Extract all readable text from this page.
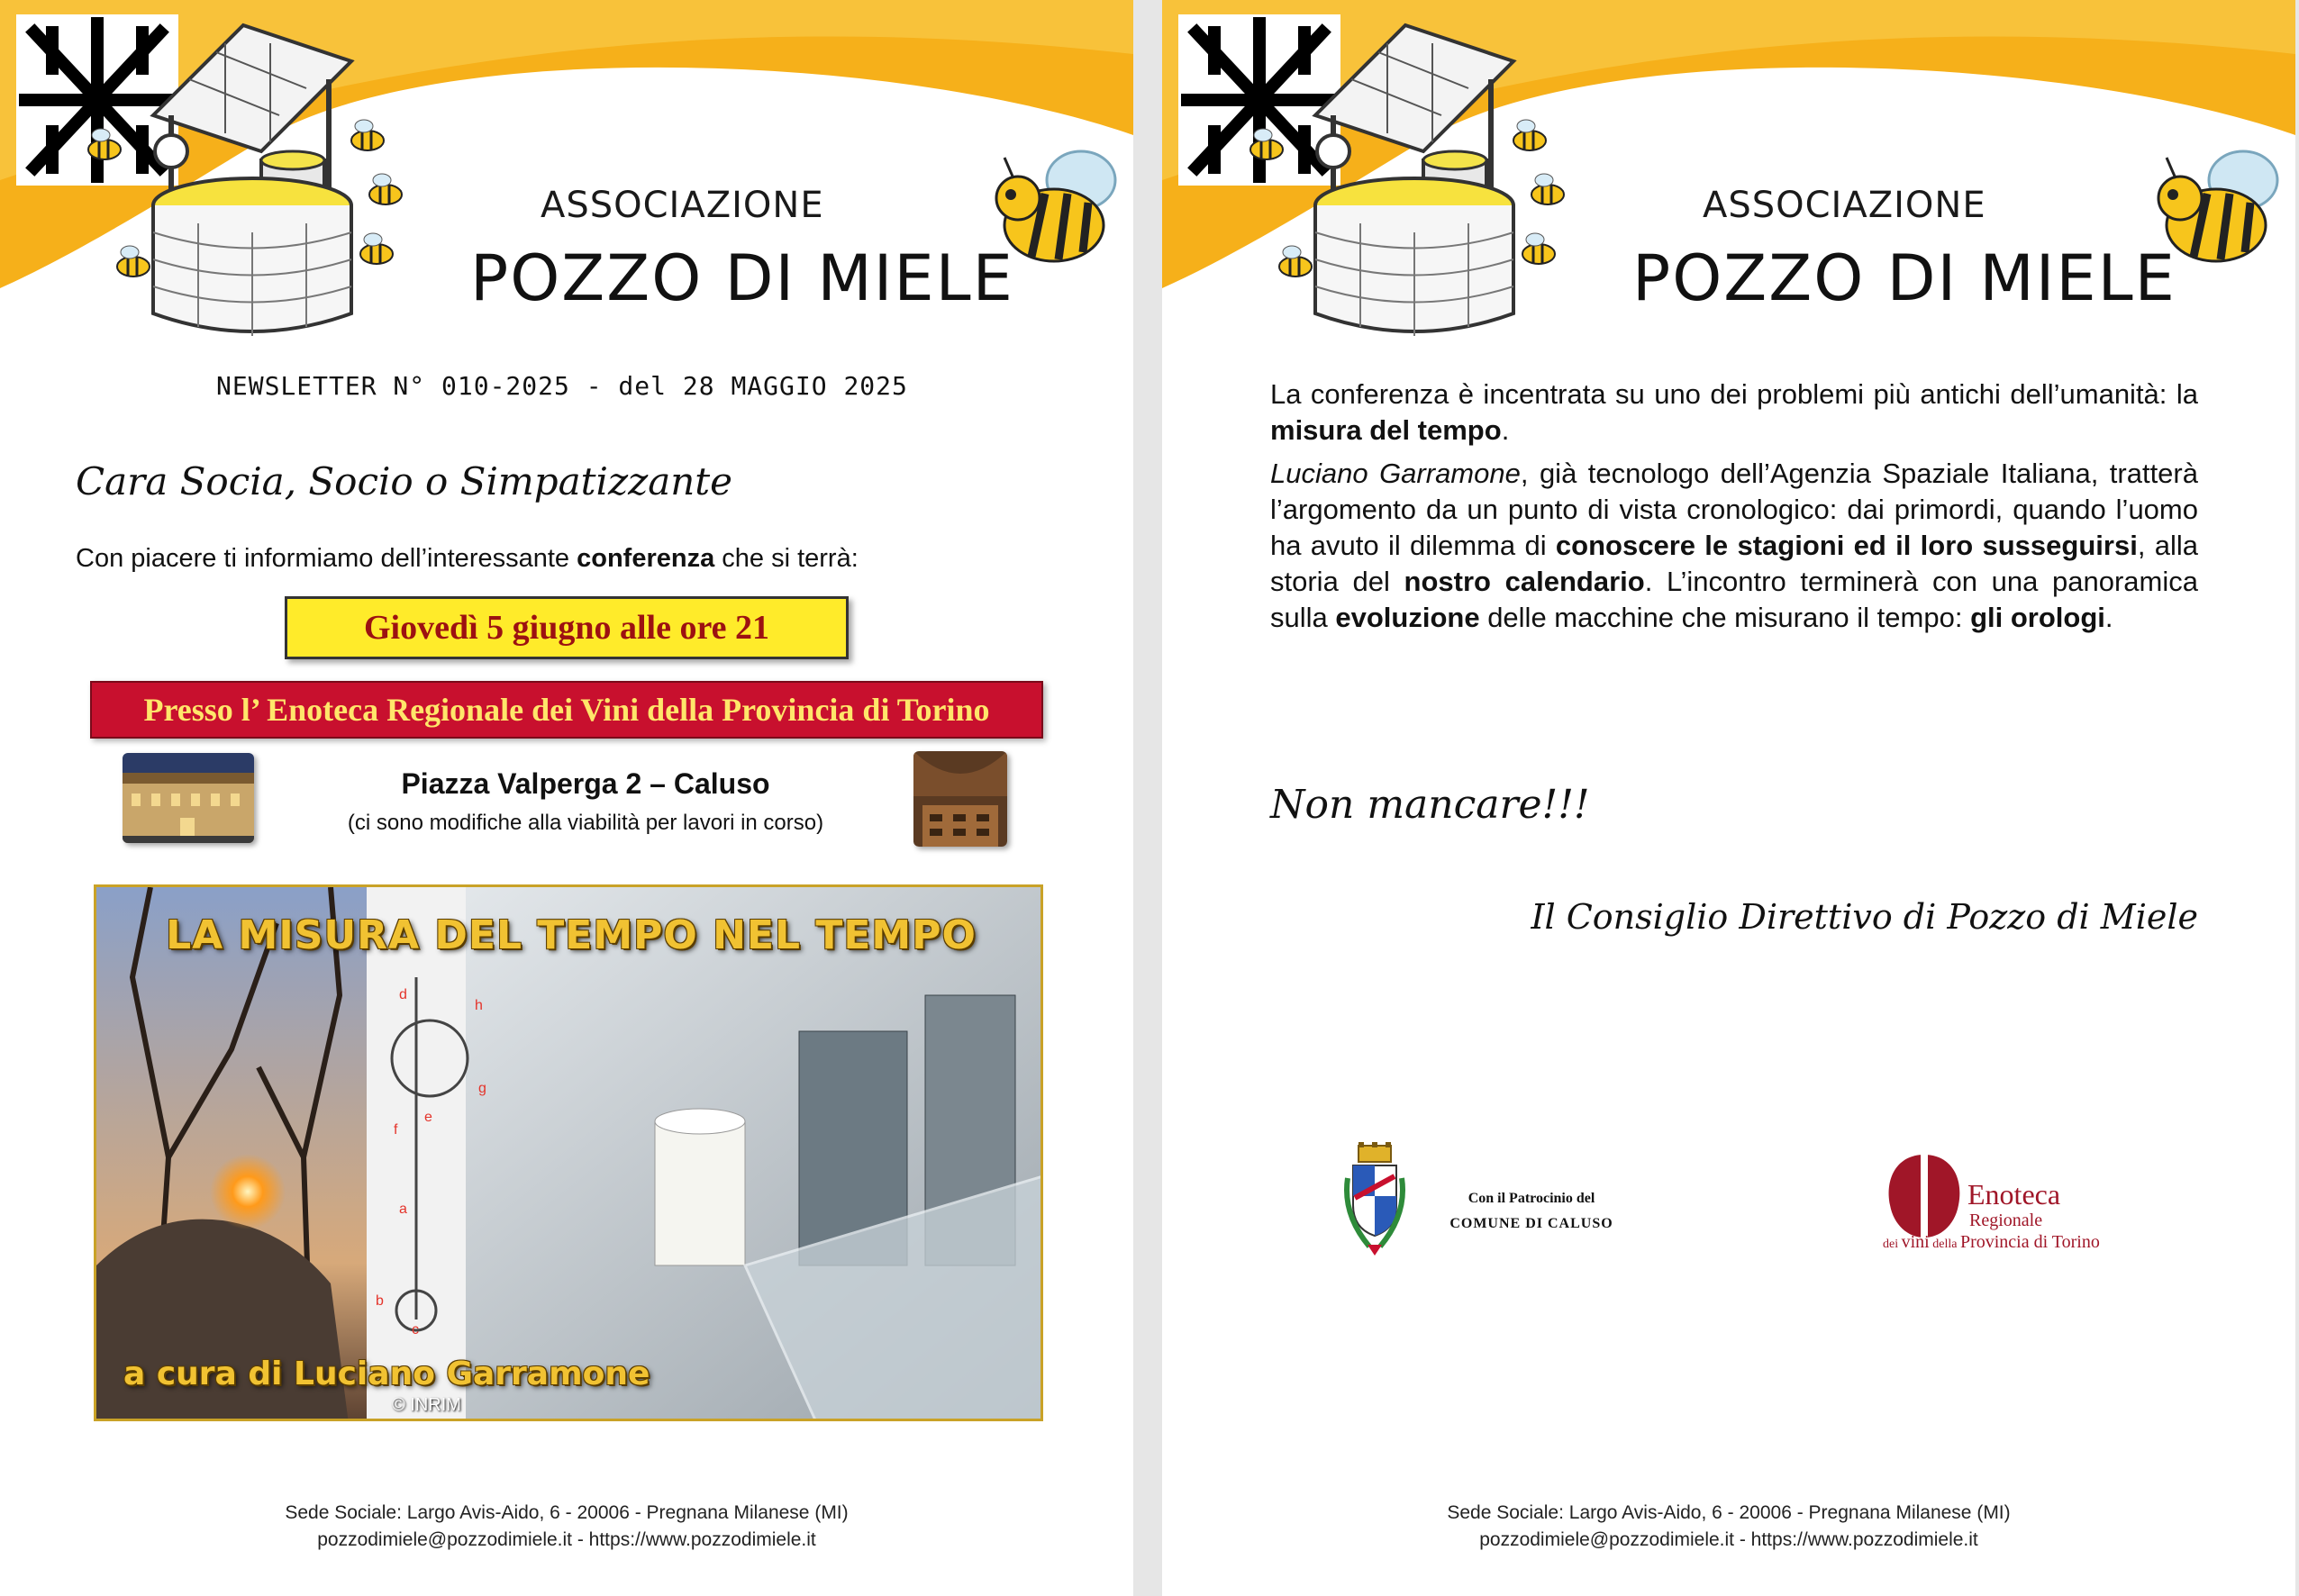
ASSOCIAZIONE
POZZO DI MIELE
NEWSLETTER N° 010-2025 - del 28 MAGGIO 2025
Cara Socia, Socio o Simpatizzante
Con piacere ti informiamo dell’interessante conferenza che si terrà:
Giovedì 5 giugno alle ore 21
Presso l’ Enoteca Regionale dei Vini della Provincia di Torino
Piazza Valperga 2 – Caluso
(ci sono modifiche alla viabilità per lavori in corso)
d
h
g
f
e
a
b
c
LA MISURA DEL TEMPO NEL TEMPO
a cura di Luciano Garramone
© INRIM
Sede Sociale: Largo Avis-Aido, 6 - 20006 - Pregnana Milanese (MI)
pozzodimiele@pozzodimiele.it - https://www.pozzodimiele.it
ASSOCIAZIONE
POZZO DI MIELE

La conferenza è incentrata su uno dei problemi più antichi dell’umanità: la misura del tempo.

Luciano Garramone, già tecnologo dell’Agenzia Spaziale Italiana, tratterà l’argomento da un punto di vista cronologico: dai primordi, quando l’uomo ha avuto il dilemma di conoscere le stagioni ed il loro susseguirsi, alla storia del nostro calendario. L’incontro terminerà con una panoramica sulla evoluzione delle macchine che misurano il tempo: gli orologi.

Non mancare!!!
Il Consiglio Direttivo di Pozzo di Miele
Con il Patrocinio del
COMUNE DI CALUSO
Enoteca
Regionale
dei vini della Provincia di Torino
Sede Sociale: Largo Avis-Aido, 6 - 20006 - Pregnana Milanese (MI)
pozzodimiele@pozzodimiele.it - https://www.pozzodimiele.it
